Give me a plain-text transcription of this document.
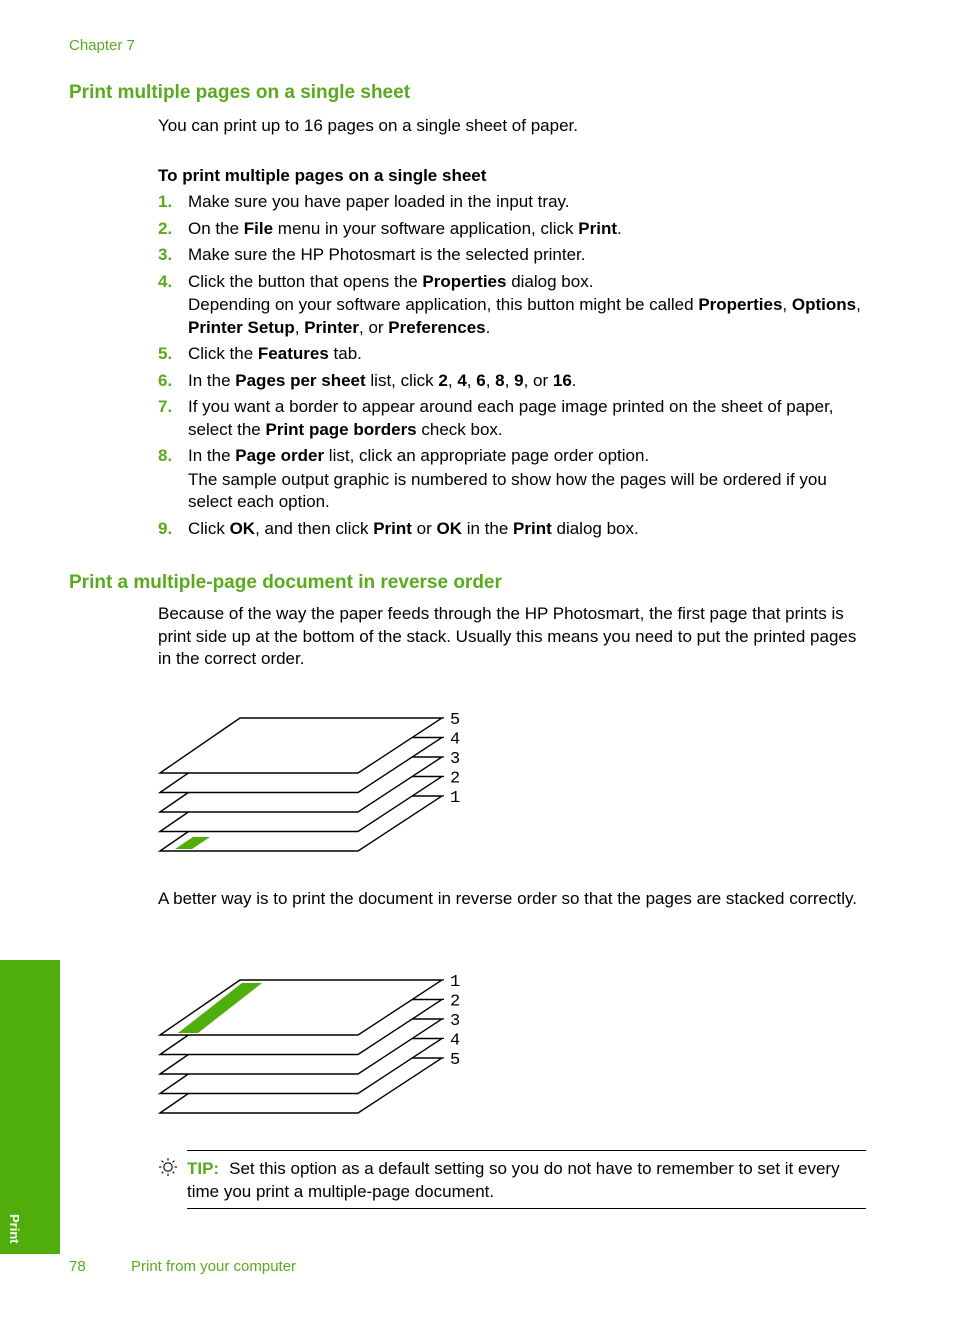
Chapter 7
Print multiple pages on a single sheet
You can print up to 16 pages on a single sheet of paper.
To print multiple pages on a single sheet
1. Make sure you have paper loaded in the input tray.
2. On the File menu in your software application, click Print.
3. Make sure the HP Photosmart is the selected printer.
4. Click the button that opens the Properties dialog box.
Depending on your software application, this button might be called Properties, Options, Printer Setup, Printer, or Preferences.
5. Click the Features tab.
6. In the Pages per sheet list, click 2, 4, 6, 8, 9, or 16.
7. If you want a border to appear around each page image printed on the sheet of paper, select the Print page borders check box.
8. In the Page order list, click an appropriate page order option.
The sample output graphic is numbered to show how the pages will be ordered if you select each option.
9. Click OK, and then click Print or OK in the Print dialog box.
Print a multiple-page document in reverse order
Because of the way the paper feeds through the HP Photosmart, the first page that prints is print side up at the bottom of the stack. Usually this means you need to put the printed pages in the correct order.
5
4
3
2
1
A better way is to print the document in reverse order so that the pages are stacked correctly.
1
2
3
4
5
TIP: Set this option as a default setting so you do not have to remember to set it every time you print a multiple-page document.
Print
78	Print from your computer
